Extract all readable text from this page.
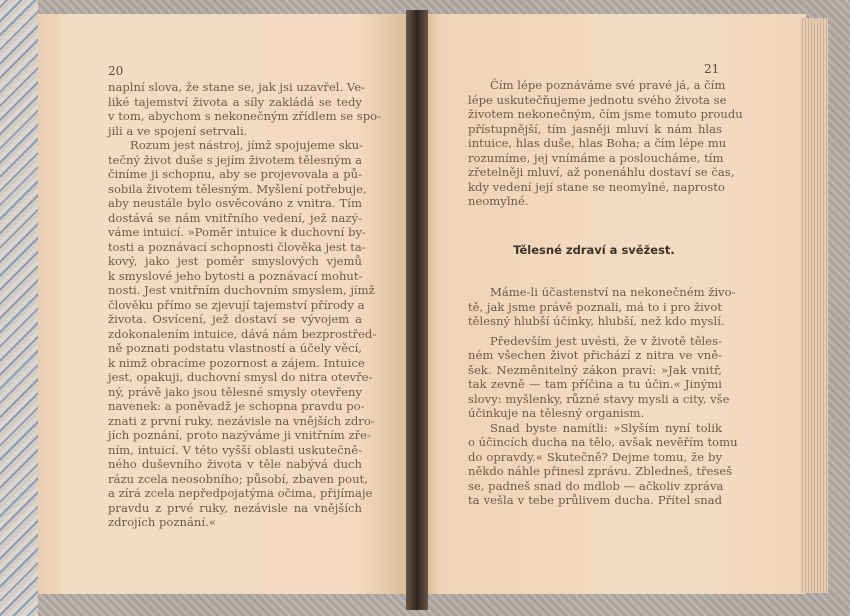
20	21
naplní slova, že stane se, jak jsi uzavřel. Ve-
liké tajemství života a síly zakládá se tedy
v tom, abychom s nekonečným zřídlem se spo-
jili a ve spojení setrvali.
Rozum jest nástroj, jímž spojujeme sku-
tečný život duše s jejím životem tělesným a
činíme ji schopnu, aby se projevovala a pů-
sobila životem tělesným. Myšlení potřebuje,
aby neustále bylo osvěcováno z vnitra. Tím
dostává se nám vnitřního vedení, jež nazý-
váme intuicí. »Poměr intuice k duchovní by-
tosti a poznávací schopnosti člověka jest ta-
kový, jako jest poměr smyslových vjemů
k smyslové jeho bytosti a poznávací mohut-
nosti. Jest vnitřním duchovním smyslem, jímž
člověku přímo se zjevují tajemství přírody a
života. Osvícení, jež dostaví se vývojem a
zdokonalením intuice, dává nám bezprostřed-
ně poznati podstatu vlastností a účely věcí,
k nimž obracíme pozornost a zájem. Intuice
jest, opakuji, duchovní smysl do nitra otevře-
ný, právě jako jsou tělesné smysly otevřeny
navenek: a poněvadž je schopna pravdu po-
znati z první ruky, nezávisle na vnějších zdro-
jích poznání, proto nazýváme ji vnitřním zře-
ním, intuicí. V této vyšší oblasti uskutečně-
ného duševního života v těle nabývá duch
rázu zcela neosobního; působí, zbaven pout,
a zírá zcela nepředpojatýma očima, přijímaje
pravdu z prvé ruky, nezávisle na vnějších
zdrojích poznání.«
Čím lépe poznáváme své pravé já, a čím
lépe uskutečňujeme jednotu svého života se
životem nekonečným, čím jsme tomuto proudu
přístupnější, tím jasněji mluví k nám hlas
intuice, hlas duše, hlas Boha; a čím lépe mu
rozumíme, jej vnímáme a posloucháme, tím
zřetelněji mluví, až ponenáhlu dostaví se čas,
kdy vedení její stane se neomylné, naprosto
neomylné.
Tělesné zdraví a svěžest.
Máme-li účastenství na nekonečném živo-
tě, jak jsme právě poznali, má to i pro život
tělesný hlubší účinky, hlubší, než kdo myslí.
Především jest uvésti, že v životě těles-
ném všechen život přichází z nitra ve vně-
šek. Nezměnitelný zákon praví: »Jak vnitř,
tak zevně — tam příčina a tu účin.« Jinými
slovy: myšlenky, různé stavy mysli a city, vše
účinkuje na tělesný organism.
Snad byste namítli: »Slyším nyní tolik
o účincích ducha na tělo, avšak nevěřím tomu
do opravdy.« Skutečně? Dejme tomu, že by
někdo náhle přinesl zprávu. Zbledneš, třeseš
se, padneš snad do mdlob — ačkoliv zpráva
ta vešla v tebe průlivem ducha. Přítel snad
